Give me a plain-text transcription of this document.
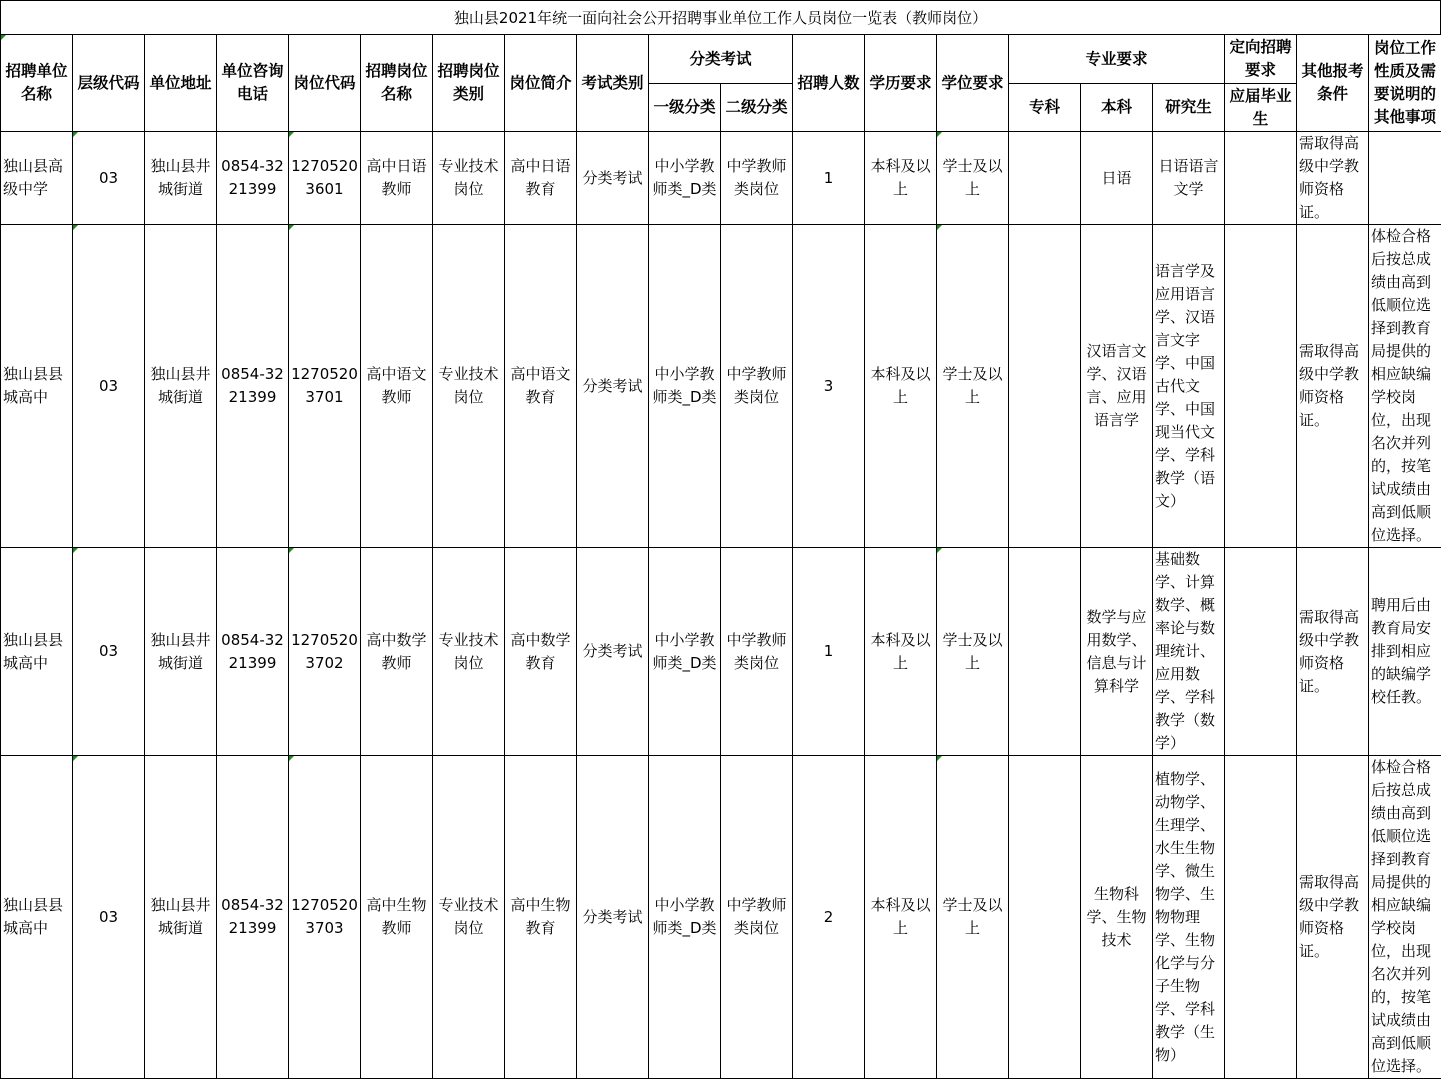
独山县2021年统一面向社会公开招聘事业单位工作人员岗位一览表（教师岗位）
招聘单位名称	层级代码	单位地址	单位咨询电话	岗位代码	招聘岗位名称	招聘岗位类别	岗位简介	考试类别	分类考试		招聘人数	学历要求	学位要求	专业要求			定向招聘要求	其他报考条件	岗位工作性质及需要说明的其他事项
									一级分类	二级分类				专科	本科	研究生	应届毕业生		
独山县高级中学	03	独山县井城街道	0854-3221399	12705203601	高中日语教师	专业技术岗位	高中日语教育	分类考试	中小学教师类_D类	中学教师类岗位	1	本科及以上	学士及以上		日语	日语语言文学		需取得高级中学教师资格证。	
独山县县城高中	03	独山县井城街道	0854-3221399	12705203701	高中语文教师	专业技术岗位	高中语文教育	分类考试	中小学教师类_D类	中学教师类岗位	3	本科及以上	学士及以上		汉语言文学、汉语言、应用语言学	语言学及应用语言学、汉语言文字学、中国古代文学、中国现当代文学、学科教学（语文）		需取得高级中学教师资格证。	体检合格后按总成绩由高到低顺位选择到教育局提供的相应缺编学校岗位，出现名次并列的，按笔试成绩由高到低顺位选择。
独山县县城高中	03	独山县井城街道	0854-3221399	12705203702	高中数学教师	专业技术岗位	高中数学教育	分类考试	中小学教师类_D类	中学教师类岗位	1	本科及以上	学士及以上		数学与应用数学、信息与计算科学	基础数学、计算数学、概率论与数理统计、应用数学、学科教学（数学）		需取得高级中学教师资格证。	聘用后由教育局安排到相应的缺编学校任教。
独山县县城高中	03	独山县井城街道	0854-3221399	12705203703	高中生物教师	专业技术岗位	高中生物教育	分类考试	中小学教师类_D类	中学教师类岗位	2	本科及以上	学士及以上		生物科学、生物技术	植物学、动物学、生理学、水生生物学、微生物学、生物物理学、生物化学与分子生物学、学科教学（生物）		需取得高级中学教师资格证。	体检合格后按总成绩由高到低顺位选择到教育局提供的相应缺编学校岗位，出现名次并列的，按笔试成绩由高到低顺位选择。
